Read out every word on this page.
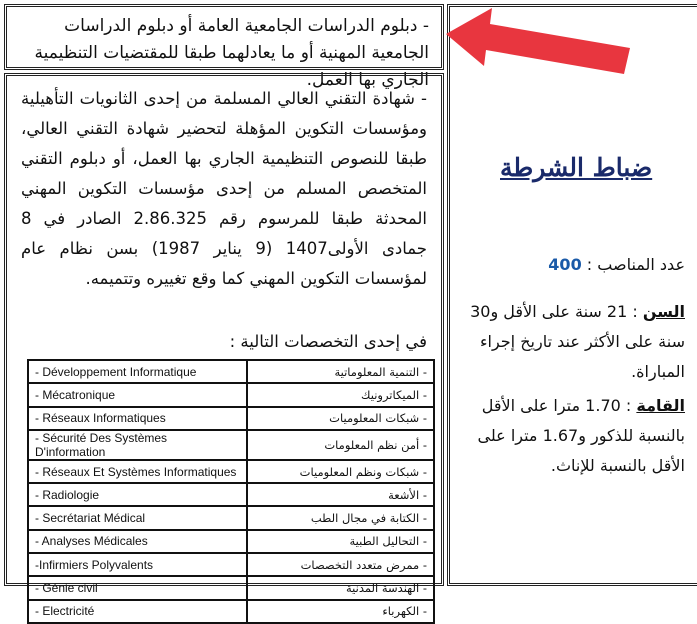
- دبلوم الدراسات الجامعية العامة أو دبلوم الدراسات الجامعية المهنية أو ما يعادلهما طبقا للمقتضيات التنظيمية الجاري بها العمل.
- شهادة التقني العالي المسلمة من إحدى الثانويات التأهيلية ومؤسسات التكوين المؤهلة لتحضير شهادة التقني العالي، طبقا للنصوص التنظيمية الجاري بها العمل، أو دبلوم التقني المتخصص المسلم من إحدى مؤسسات التكوين المهني المحدثة طبقا للمرسوم رقم 2.86.325 الصادر في 8 جمادى الأولى1407 (9 يناير 1987) بسن نظام عام لمؤسسات التكوين المهني كما وقع تغييره وتتميمه.
في إحدى التخصصات التالية :
- Développement Informatique	- التنمية المعلوماتية
- Mécatronique	- الميكاترونيك
- Réseaux Informatiques	- شبكات المعلوميات
- Sécurité Des Systèmes D'information	- أمن نظم المعلومات
- Réseaux Et Systèmes Informatiques	- شبكات ونظم المعلوميات
- Radiologie	- الأشعة
- Secrétariat Médical	- الكتابة في مجال الطب
- Analyses Médicales	- التحاليل الطبية
-Infirmiers Polyvalents	- ممرض متعدد التخصصات
- Génie civil	- الهندسة المدنية
- Electricité	- الكهرباء
ضباط الشرطة
عدد المناصب : 400
السن : 21 سنة على الأقل و30 سنة على الأكثر عند تاريخ إجراء المباراة.
القامة : 1.70 مترا على الأقل بالنسبة للذكور و1.67 مترا على الأقل بالنسبة للإناث.
